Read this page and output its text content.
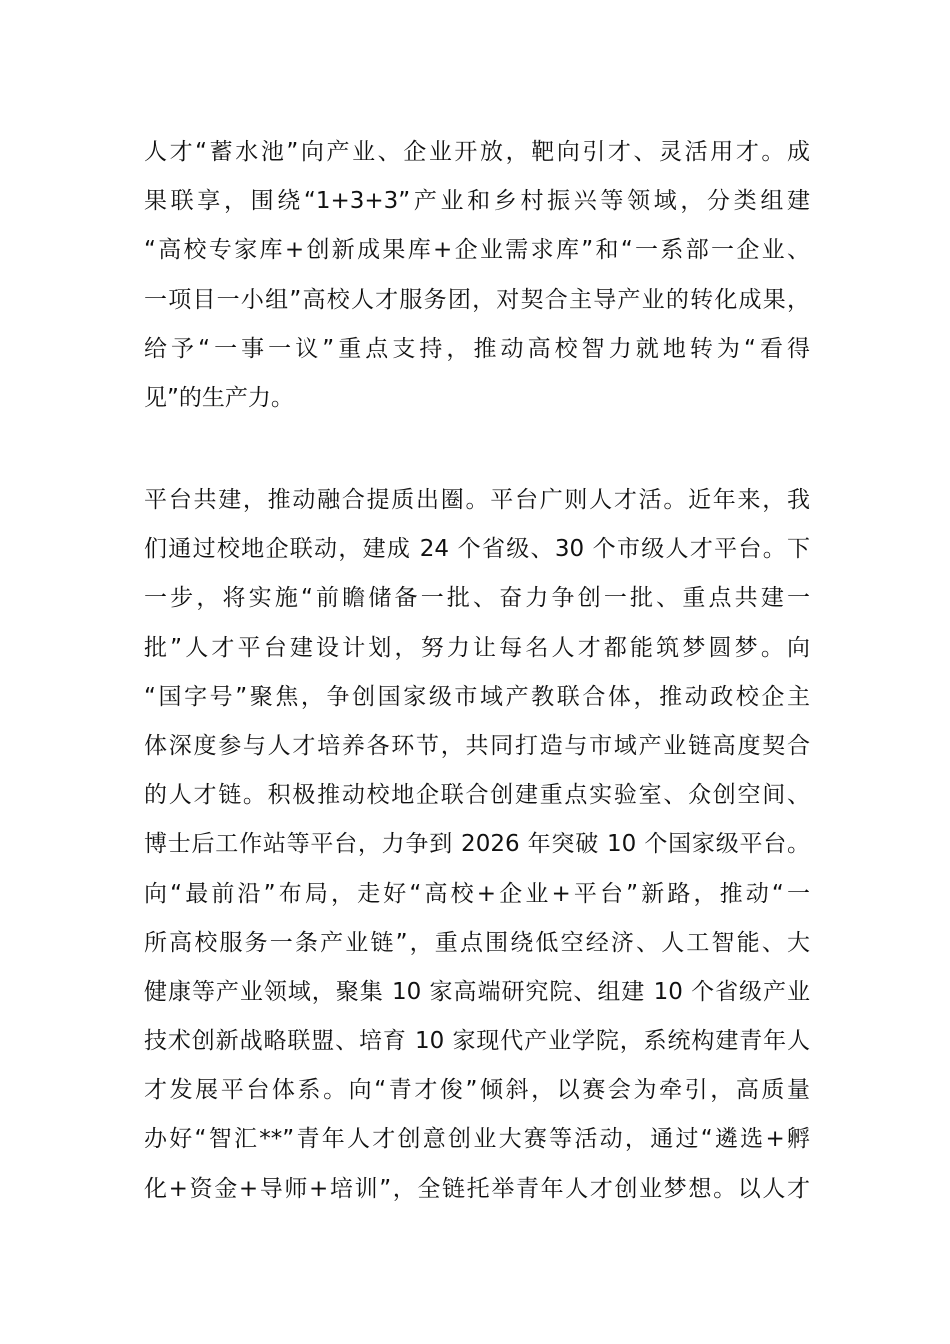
人才“蓄水池”向产业、企业开放，靶向引才、灵活用才。成
果联享，围绕“1+3+3”产业和乡村振兴等领域，分类组建
“高校专家库+创新成果库+企业需求库”和“一系部一企业、
一项目一小组”高校人才服务团，对契合主导产业的转化成果，
给予“一事一议”重点支持，推动高校智力就地转为“看得
见”的生产力。
平台共建，推动融合提质出圈。平台广则人才活。近年来，我
们通过校地企联动，建成 24 个省级、30 个市级人才平台。下
一步，将实施“前瞻储备一批、奋力争创一批、重点共建一
批”人才平台建设计划，努力让每名人才都能筑梦圆梦。向
“国字号”聚焦，争创国家级市域产教联合体，推动政校企主
体深度参与人才培养各环节，共同打造与市域产业链高度契合
的人才链。积极推动校地企联合创建重点实验室、众创空间、
博士后工作站等平台，力争到 2026 年突破 10 个国家级平台。
向“最前沿”布局，走好“高校+企业+平台”新路，推动“一
所高校服务一条产业链”，重点围绕低空经济、人工智能、大
健康等产业领域，聚集 10 家高端研究院、组建 10 个省级产业
技术创新战略联盟、培育 10 家现代产业学院，系统构建青年人
才发展平台体系。向“青才俊”倾斜，以赛会为牵引，高质量
办好“智汇**”青年人才创意创业大赛等活动，通过“遴选+孵
化+资金+导师+培训”，全链托举青年人才创业梦想。以人才
